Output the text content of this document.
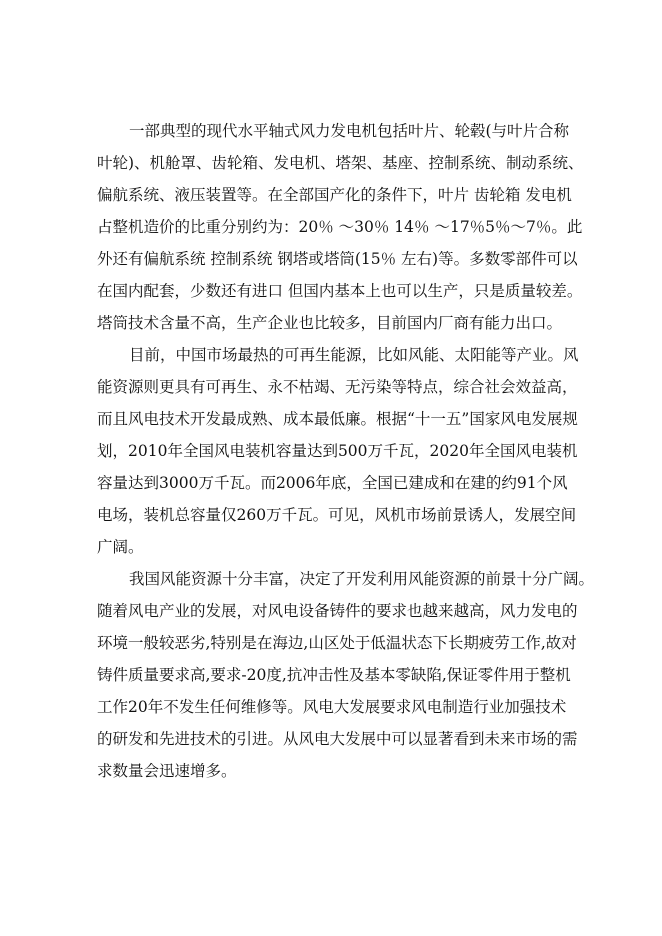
一部典型的现代水平轴式风力发电机包括叶片、轮毂(与叶片合称
叶轮)、机舱罩、齿轮箱、发电机、塔架、基座、控制系统、制动系统、
偏航系统、液压装置等。在全部国产化的条件下，叶片 齿轮箱 发电机
占整机造价的比重分别约为：20％ ～30％ 14％ ～17％5％～7％。此
外还有偏航系统 控制系统 钢塔或塔筒(15％ 左右)等。多数零部件可以
在国内配套，少数还有进口 但国内基本上也可以生产，只是质量较差。
塔筒技术含量不高，生产企业也比较多，目前国内厂商有能力出口。
目前，中国市场最热的可再生能源，比如风能、太阳能等产业。风
能资源则更具有可再生、永不枯竭、无污染等特点，综合社会效益高，
而且风电技术开发最成熟、成本最低廉。根据“十一五”国家风电发展规
划，2010年全国风电装机容量达到500万千瓦，2020年全国风电装机
容量达到3000万千瓦。而2006年底，全国已建成和在建的约91个风
电场，装机总容量仅260万千瓦。可见，风机市场前景诱人，发展空间
广阔。
我国风能资源十分丰富，决定了开发利用风能资源的前景十分广阔。
随着风电产业的发展，对风电设备铸件的要求也越来越高，风力发电的
环境一般较恶劣,特别是在海边,山区处于低温状态下长期疲劳工作,故对
铸件质量要求高,要求-20度,抗冲击性及基本零缺陷,保证零件用于整机
工作20年不发生任何维修等。风电大发展要求风电制造行业加强技术
的研发和先进技术的引进。从风电大发展中可以显著看到未来市场的需
求数量会迅速增多。
